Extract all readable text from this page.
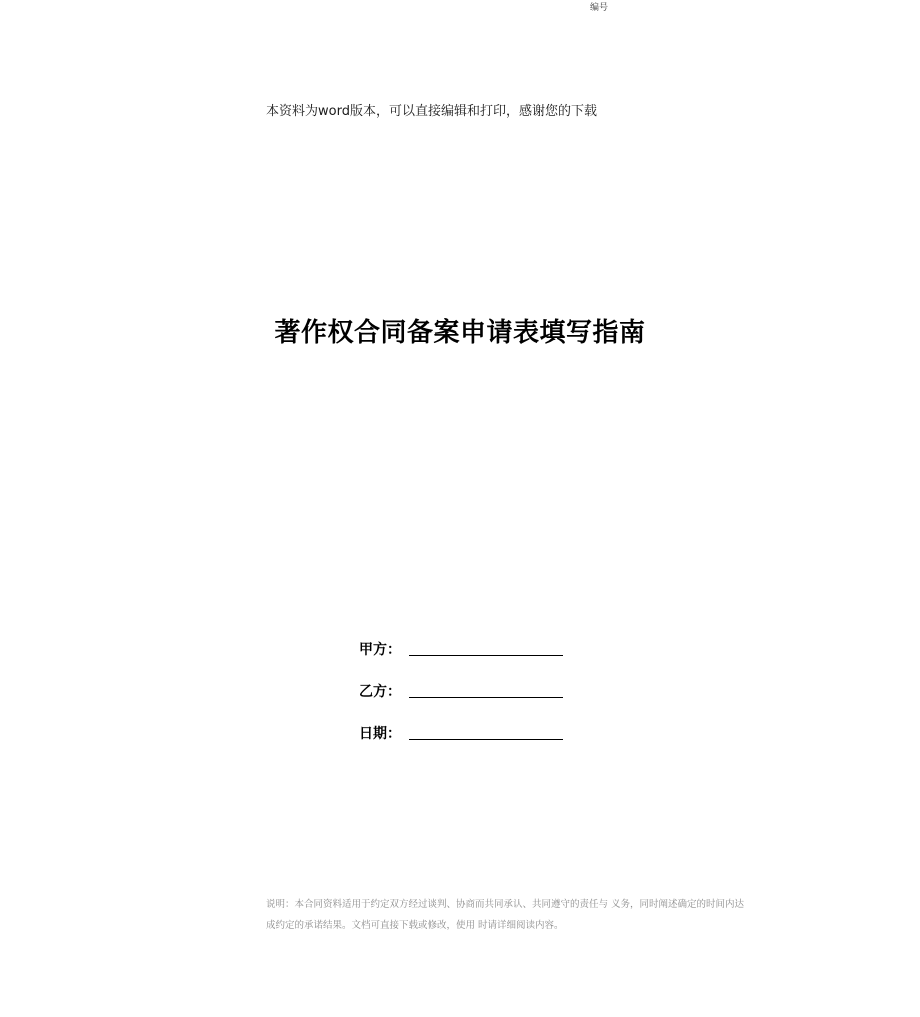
编号
本资料为word版本，可以直接编辑和打印，感谢您的下载
著作权合同备案申请表填写指南
甲方：
乙方：
日期：
说明：本合同资料适用于约定双方经过谈判、协商而共同承认、共同遵守的责任与 义务，同时阐述确定的时间内达
成约定的承诺结果。文档可直接下载或修改，使用 时请详细阅读内容。
